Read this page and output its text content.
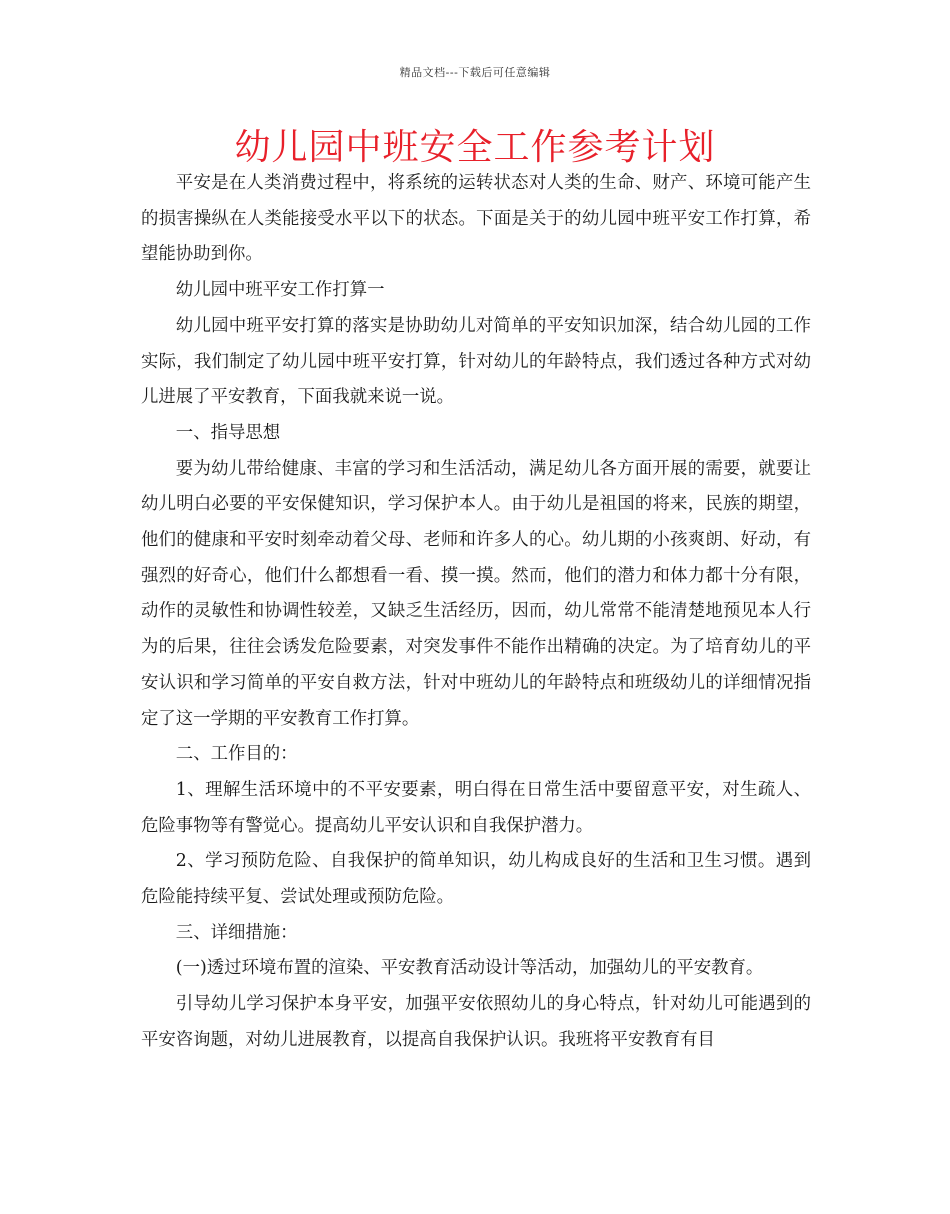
精品文档---下载后可任意编辑
幼儿园中班安全工作参考计划

平安是在人类消费过程中，将系统的运转状态对人类的生命、财产、环境可能产生的损害操纵在人类能接受水平以下的状态。下面是关于的幼儿园中班平安工作打算，希望能协助到你。

幼儿园中班平安工作打算一

幼儿园中班平安打算的落实是协助幼儿对简单的平安知识加深，结合幼儿园的工作实际，我们制定了幼儿园中班平安打算，针对幼儿的年龄特点，我们透过各种方式对幼儿进展了平安教育，下面我就来说一说。

一、指导思想

要为幼儿带给健康、丰富的学习和生活活动，满足幼儿各方面开展的需要，就要让幼儿明白必要的平安保健知识，学习保护本人。由于幼儿是祖国的将来，民族的期望，他们的健康和平安时刻牵动着父母、老师和许多人的心。幼儿期的小孩爽朗、好动，有强烈的好奇心，他们什么都想看一看、摸一摸。然而，他们的潜力和体力都十分有限，动作的灵敏性和协调性较差，又缺乏生活经历，因而，幼儿常常不能清楚地预见本人行为的后果，往往会诱发危险要素，对突发事件不能作出精确的决定。为了培育幼儿的平安认识和学习简单的平安自救方法，针对中班幼儿的年龄特点和班级幼儿的详细情况指定了这一学期的平安教育工作打算。

二、工作目的：

1、理解生活环境中的不平安要素，明白得在日常生活中要留意平安，对生疏人、危险事物等有警觉心。提高幼儿平安认识和自我保护潜力。

2、学习预防危险、自我保护的简单知识，幼儿构成良好的生活和卫生习惯。遇到危险能持续平复、尝试处理或预防危险。

三、详细措施：

(一)透过环境布置的渲染、平安教育活动设计等活动，加强幼儿的平安教育。

引导幼儿学习保护本身平安，加强平安依照幼儿的身心特点，针对幼儿可能遇到的平安咨询题，对幼儿进展教育，以提高自我保护认识。我班将平安教育有目
